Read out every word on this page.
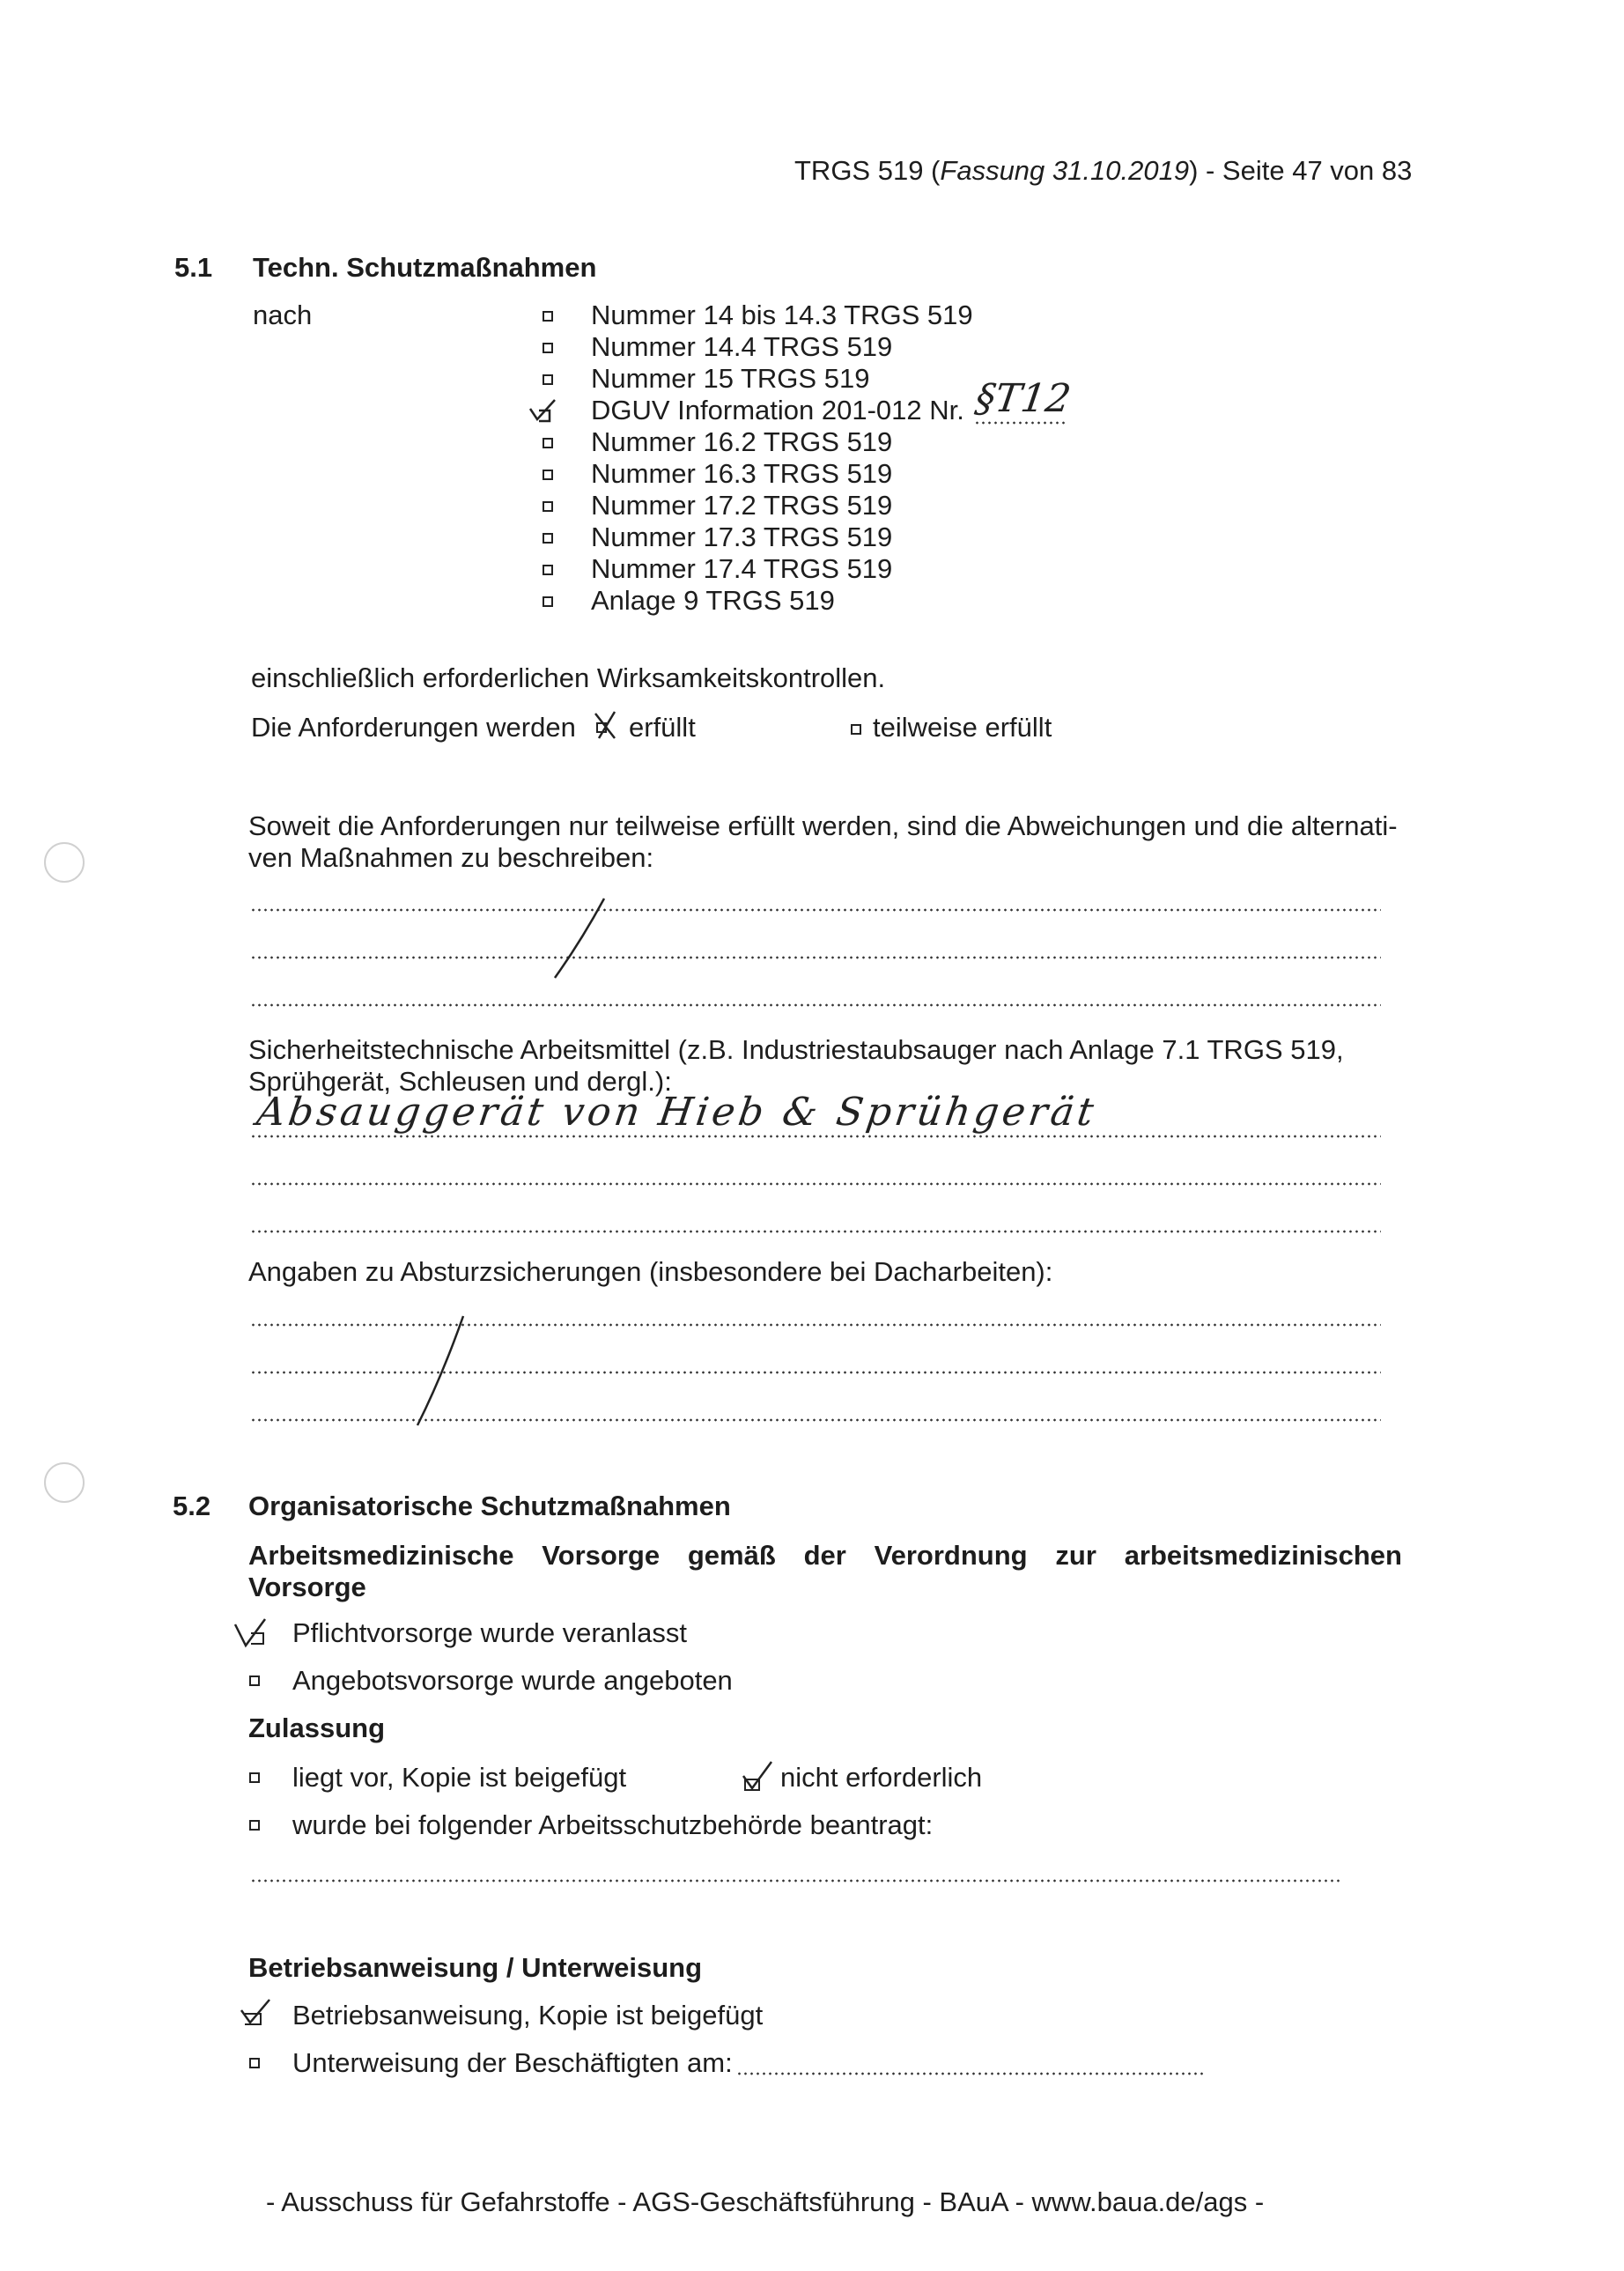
TRGS 519 (Fassung 31.10.2019) - Seite 47 von 83
5.1 Techn. Schutzmaßnahmen
nach	Nummer 14 bis 14.3 TRGS 519
Nummer 14.4 TRGS 519
Nummer 15 TRGS 519
DGUV Information 201-012 Nr. §T12
Nummer 16.2 TRGS 519
Nummer 16.3 TRGS 519
Nummer 17.2 TRGS 519
Nummer 17.3 TRGS 519
Nummer 17.4 TRGS 519
Anlage 9 TRGS 519
einschließlich erforderlichen Wirksamkeitskontrollen.
Die Anforderungen werden erfüllt	teilweise erfüllt
Soweit die Anforderungen nur teilweise erfüllt werden, sind die Abweichungen und die alternati-
ven Maßnahmen zu beschreiben:
Sicherheitstechnische Arbeitsmittel (z.B. Industriestaubsauger nach Anlage 7.1 TRGS 519,
Sprühgerät, Schleusen und dergl.):
Absauggerät von Hieb & Sprühgerät
Angaben zu Absturzsicherungen (insbesondere bei Dacharbeiten):
5.2 Organisatorische Schutzmaßnahmen
Arbeitsmedizinische Vorsorge gemäß der Verordnung zur arbeitsmedizinischen
Vorsorge
Pflichtvorsorge wurde veranlasst
Angebotsvorsorge wurde angeboten
Zulassung
liegt vor, Kopie ist beigefügt	nicht erforderlich
wurde bei folgender Arbeitsschutzbehörde beantragt:
Betriebsanweisung / Unterweisung
Betriebsanweisung, Kopie ist beigefügt
Unterweisung der Beschäftigten am:
- Ausschuss für Gefahrstoffe - AGS-Geschäftsführung - BAuA - www.baua.de/ags -
